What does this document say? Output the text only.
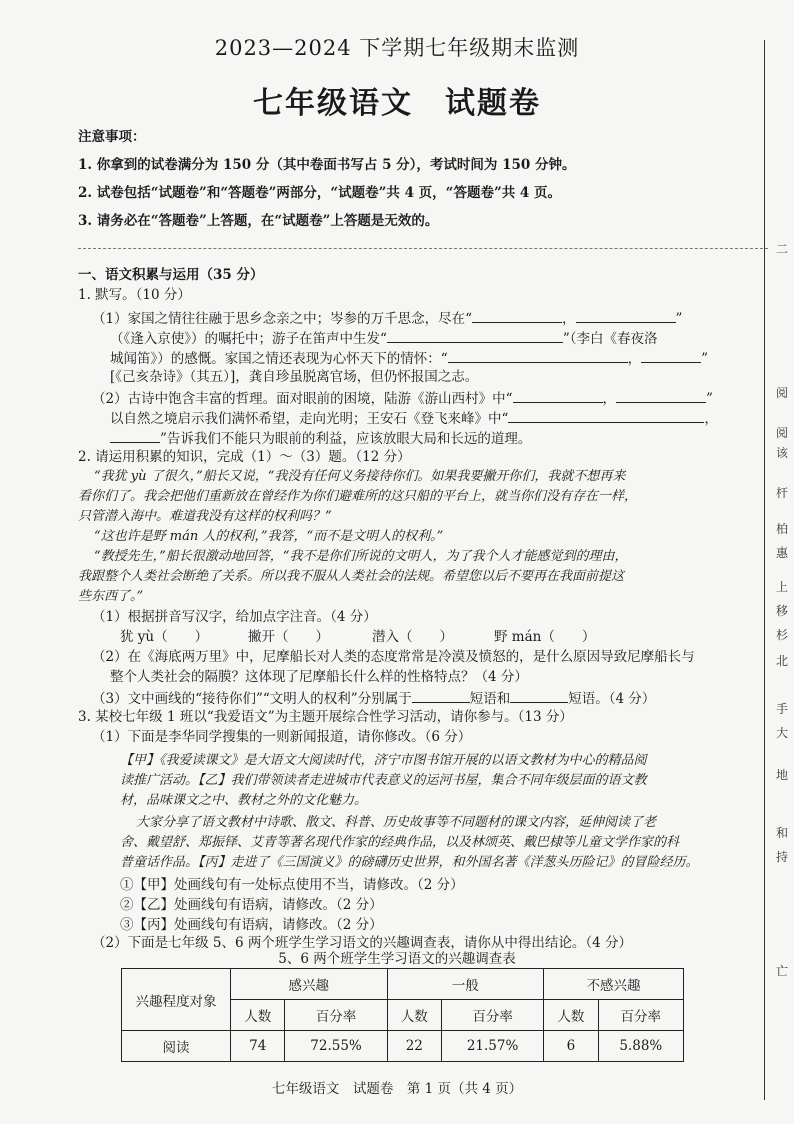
2023—2024 下学期七年级期末监测
七年级语文　试题卷
注意事项：
1. 你拿到的试卷满分为 150 分（其中卷面书写占 5 分），考试时间为 150 分钟。
2. 试卷包括“试题卷”和“答题卷”两部分，“试题卷”共 4 页，“答题卷”共 4 页。
3. 请务必在“答题卷”上答题，在“试题卷”上答题是无效的。
一、语文积累与运用（35 分）
1. 默写。（10 分）
（1）家国之情往往融于思乡念亲之中；岑参的万千思念，尽在“	，	”
（《逢入京使》）的嘱托中；游子在笛声中生发“	”（李白《春夜洛
城闻笛》）的感慨。家国之情还表现为心怀天下的情怀：“	，	”
[《己亥杂诗》（其五）]，龚自珍虽脱离官场，但仍怀报国之志。
（2）古诗中饱含丰富的哲理。面对眼前的困境，陆游《游山西村》中“	，	”
以自然之境启示我们满怀希望，走向光明；王安石《登飞来峰》中“	，
”告诉我们不能只为眼前的利益，应该放眼大局和长远的道理。
2. 请运用积累的知识，完成（1）～（3）题。（12 分）
“我犹 yù 了很久，”船长又说，“我没有任何义务接待你们。如果我要撇开你们，我就不想再来
看你们了。我会把他们重新放在曾经作为你们避难所的这只船的平台上，就当你们没有存在一样，
只管潜入海中。难道我没有这样的权利吗？”
“这也许是野 mán 人的权利，”我答，“而不是文明人的权利。”
“教授先生，”船长很激动地回答，“我不是你们所说的文明人，为了我个人才能感觉到的理由，
我跟整个人类社会断绝了关系。所以我不服从人类社会的法规。希望您以后不要再在我面前提这
些东西了。”
（1）根据拼音写汉字，给加点字注音。（4 分）
犹 yù（　　）	撇开（　　）	潜入（　　）	野 mán（　　）
（2）在《海底两万里》中，尼摩船长对人类的态度常常是冷漠及愤怒的，是什么原因导致尼摩船长与
整个人类社会的隔膜？这体现了尼摩船长什么样的性格特点？（4 分）
（3）文中画线的“接待你们”“文明人的权利”分别属于	短语和	短语。（4 分）
3. 某校七年级 1 班以“我爱语文”为主题开展综合性学习活动，请你参与。（13 分）
（1）下面是李华同学搜集的一则新闻报道，请你修改。（6 分）
【甲】《我爱读课文》是大语文大阅读时代，济宁市图书馆开展的以语文教材为中心的精品阅
读推广活动。【乙】我们带领读者走进城市代表意义的运河书屋，集合不同年级层面的语文教
材，品味课文之中、教材之外的文化魅力。
大家分享了语文教材中诗歌、散文、科普、历史故事等不同题材的课文内容，延伸阅读了老
舍、戴望舒、郑振铎、艾青等著名现代作家的经典作品，以及林颂英、戴巴棣等儿童文学作家的科
普童话作品。【丙】走进了《三国演义》的磅礴历史世界，和外国名著《洋葱头历险记》的冒险经历。
①【甲】处画线句有一处标点使用不当，请修改。（2 分）
②【乙】处画线句有语病，请修改。（2 分）
③【丙】处画线句有语病，请修改。（2 分）
（2）下面是七年级 5、6 两个班学生学习语文的兴趣调查表，请你从中得出结论。（4 分）
5、6 两个班学生学习语文的兴趣调查表
兴趣程度对象	感兴趣		一般		不感兴趣	
	人数	百分率	人数	百分率	人数	百分率
阅读	74	72.55%	22	21.57%	6	5.88%
七年级语文　试题卷　第 1 页（共 4 页）
二
阅
阅
该
杆
柏
惠
上
移
杉
北
手
大
地
和
持
亡
